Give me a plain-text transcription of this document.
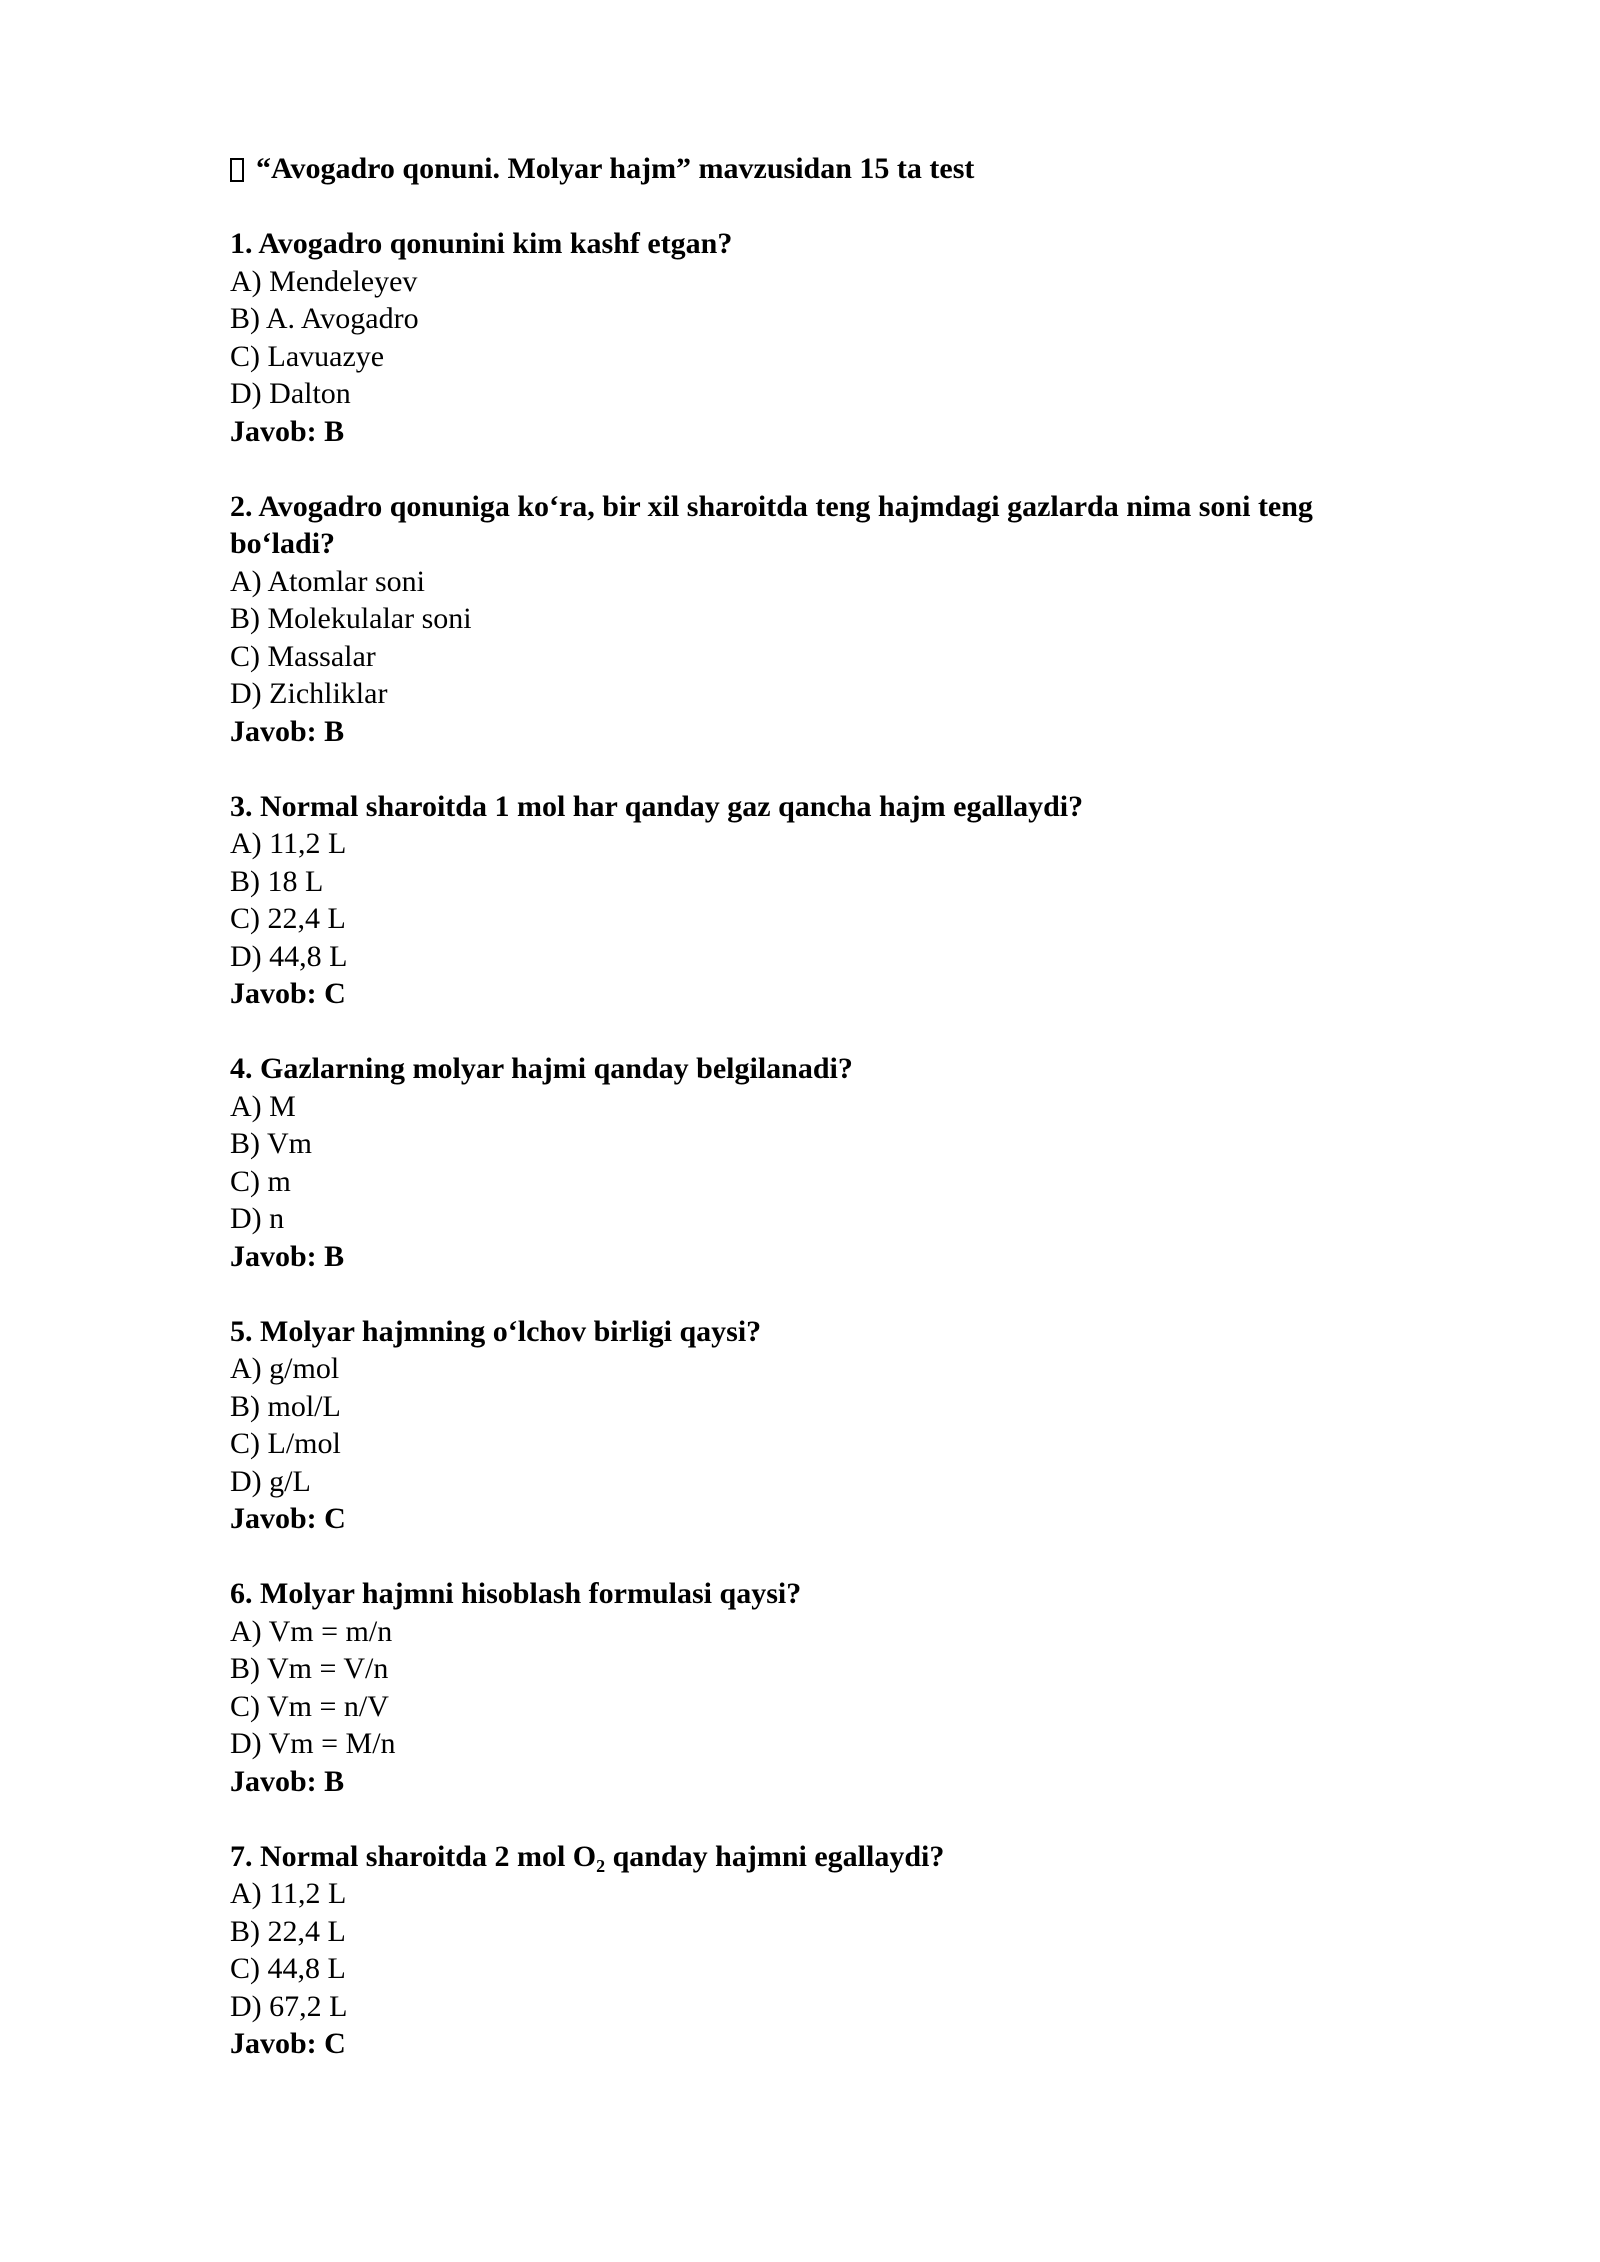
“Avogadro qonuni. Molyar hajm” mavzusidan 15 ta test

1. Avogadro qonunini kim kashf etgan?

A) Mendeleyev

B) A. Avogadro

C) Lavuazye

D) Dalton

Javob: B

2. Avogadro qonuniga ko‘ra, bir xil sharoitda teng hajmdagi gazlarda nima soni teng bo‘ladi?

A) Atomlar soni

B) Molekulalar soni

C) Massalar

D) Zichliklar

Javob: B

3. Normal sharoitda 1 mol har qanday gaz qancha hajm egallaydi?

A) 11,2 L

B) 18 L

C) 22,4 L

D) 44,8 L

Javob: C

4. Gazlarning molyar hajmi qanday belgilanadi?

A) M

B) Vm

C) m

D) n

Javob: B

5. Molyar hajmning o‘lchov birligi qaysi?

A) g/mol

B) mol/L

C) L/mol

D) g/L

Javob: C

6. Molyar hajmni hisoblash formulasi qaysi?

A) Vm = m/n

B) Vm = V/n

C) Vm = n/V

D) Vm = M/n

Javob: B

7. Normal sharoitda 2 mol $O_2$ qanday hajmni egallaydi?

A) 11,2 L

B) 22,4 L

C) 44,8 L

D) 67,2 L

Javob: C
